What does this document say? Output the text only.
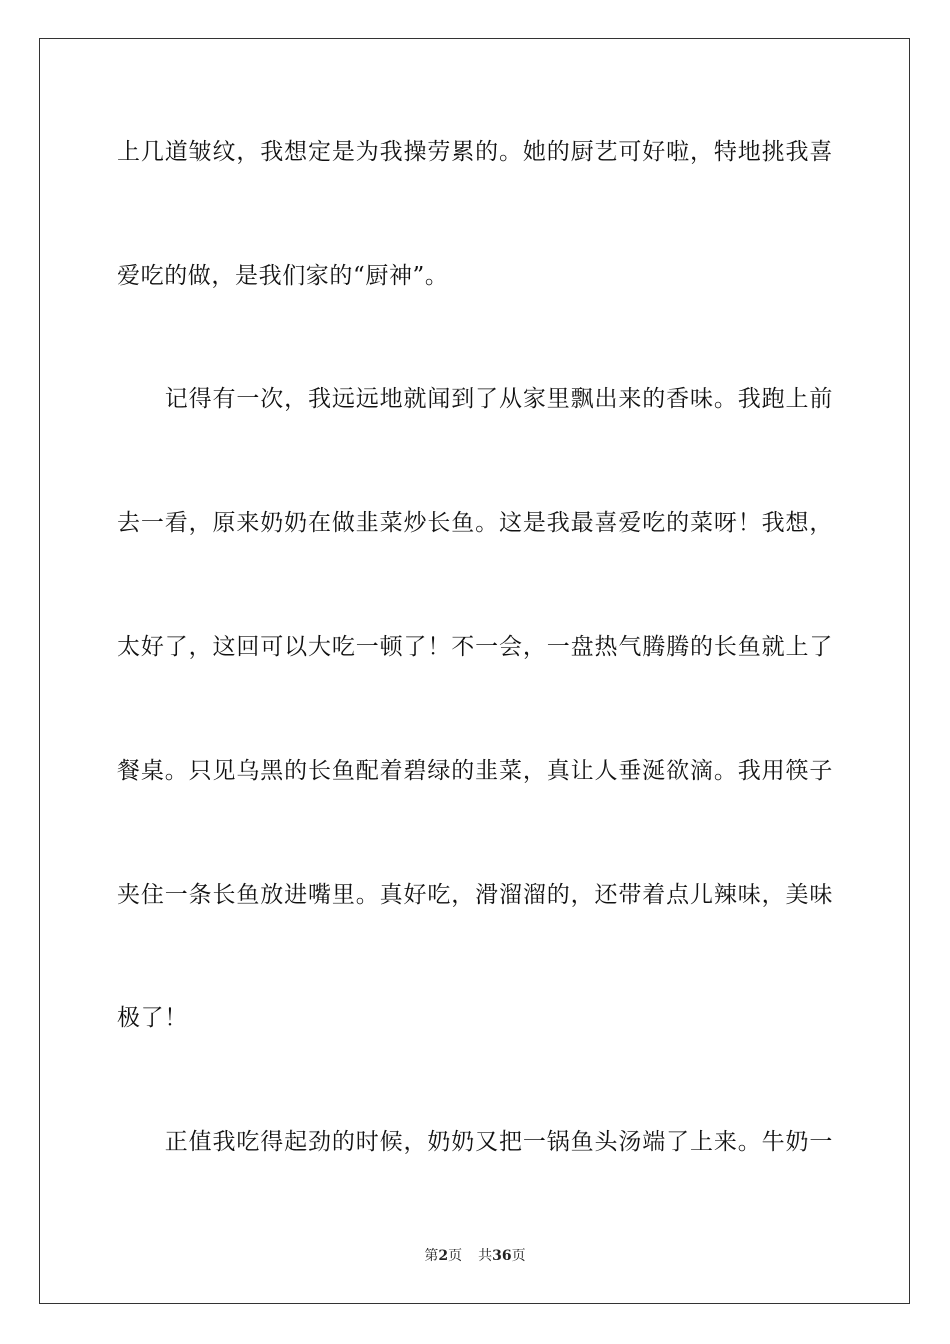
上几道皱纹，我想定是为我操劳累的。她的厨艺可好啦，特地挑我喜
爱吃的做，是我们家的“厨神”。
　　记得有一次，我远远地就闻到了从家里飘出来的香味。我跑上前
去一看，原来奶奶在做韭菜炒长鱼。这是我最喜爱吃的菜呀！我想，
太好了，这回可以大吃一顿了！不一会，一盘热气腾腾的长鱼就上了
餐桌。只见乌黑的长鱼配着碧绿的韭菜，真让人垂涎欲滴。我用筷子
夹住一条长鱼放进嘴里。真好吃，滑溜溜的，还带着点儿辣味，美味
极了！
　　正值我吃得起劲的时候，奶奶又把一锅鱼头汤端了上来。牛奶一
第2页 共36页
